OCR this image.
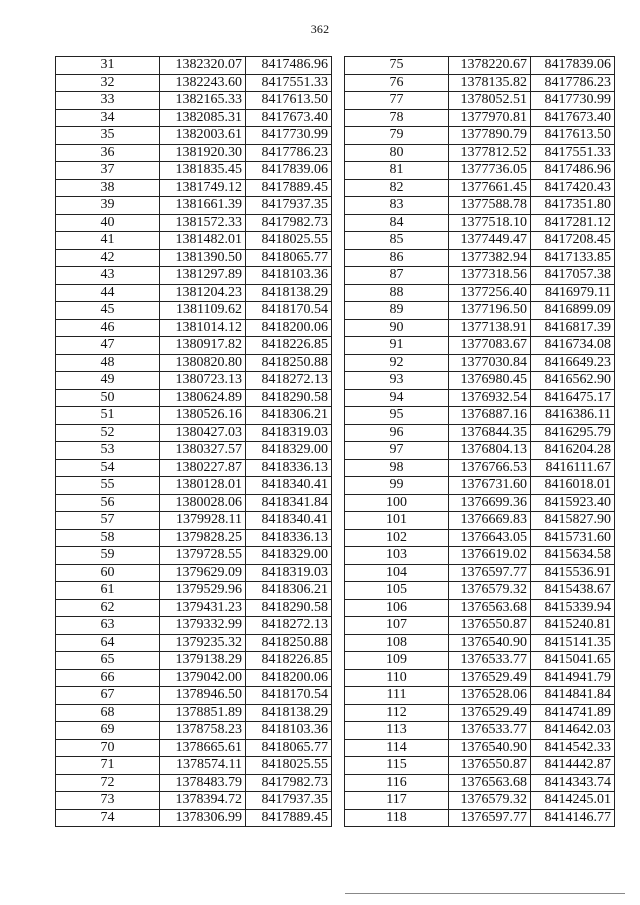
362
31	1382320.07	8417486.96
32	1382243.60	8417551.33
33	1382165.33	8417613.50
34	1382085.31	8417673.40
35	1382003.61	8417730.99
36	1381920.30	8417786.23
37	1381835.45	8417839.06
38	1381749.12	8417889.45
39	1381661.39	8417937.35
40	1381572.33	8417982.73
41	1381482.01	8418025.55
42	1381390.50	8418065.77
43	1381297.89	8418103.36
44	1381204.23	8418138.29
45	1381109.62	8418170.54
46	1381014.12	8418200.06
47	1380917.82	8418226.85
48	1380820.80	8418250.88
49	1380723.13	8418272.13
50	1380624.89	8418290.58
51	1380526.16	8418306.21
52	1380427.03	8418319.03
53	1380327.57	8418329.00
54	1380227.87	8418336.13
55	1380128.01	8418340.41
56	1380028.06	8418341.84
57	1379928.11	8418340.41
58	1379828.25	8418336.13
59	1379728.55	8418329.00
60	1379629.09	8418319.03
61	1379529.96	8418306.21
62	1379431.23	8418290.58
63	1379332.99	8418272.13
64	1379235.32	8418250.88
65	1379138.29	8418226.85
66	1379042.00	8418200.06
67	1378946.50	8418170.54
68	1378851.89	8418138.29
69	1378758.23	8418103.36
70	1378665.61	8418065.77
71	1378574.11	8418025.55
72	1378483.79	8417982.73
73	1378394.72	8417937.35
74	1378306.99	8417889.45
75	1378220.67	8417839.06
76	1378135.82	8417786.23
77	1378052.51	8417730.99
78	1377970.81	8417673.40
79	1377890.79	8417613.50
80	1377812.52	8417551.33
81	1377736.05	8417486.96
82	1377661.45	8417420.43
83	1377588.78	8417351.80
84	1377518.10	8417281.12
85	1377449.47	8417208.45
86	1377382.94	8417133.85
87	1377318.56	8417057.38
88	1377256.40	8416979.11
89	1377196.50	8416899.09
90	1377138.91	8416817.39
91	1377083.67	8416734.08
92	1377030.84	8416649.23
93	1376980.45	8416562.90
94	1376932.54	8416475.17
95	1376887.16	8416386.11
96	1376844.35	8416295.79
97	1376804.13	8416204.28
98	1376766.53	8416111.67
99	1376731.60	8416018.01
100	1376699.36	8415923.40
101	1376669.83	8415827.90
102	1376643.05	8415731.60
103	1376619.02	8415634.58
104	1376597.77	8415536.91
105	1376579.32	8415438.67
106	1376563.68	8415339.94
107	1376550.87	8415240.81
108	1376540.90	8415141.35
109	1376533.77	8415041.65
110	1376529.49	8414941.79
111	1376528.06	8414841.84
112	1376529.49	8414741.89
113	1376533.77	8414642.03
114	1376540.90	8414542.33
115	1376550.87	8414442.87
116	1376563.68	8414343.74
117	1376579.32	8414245.01
118	1376597.77	8414146.77
